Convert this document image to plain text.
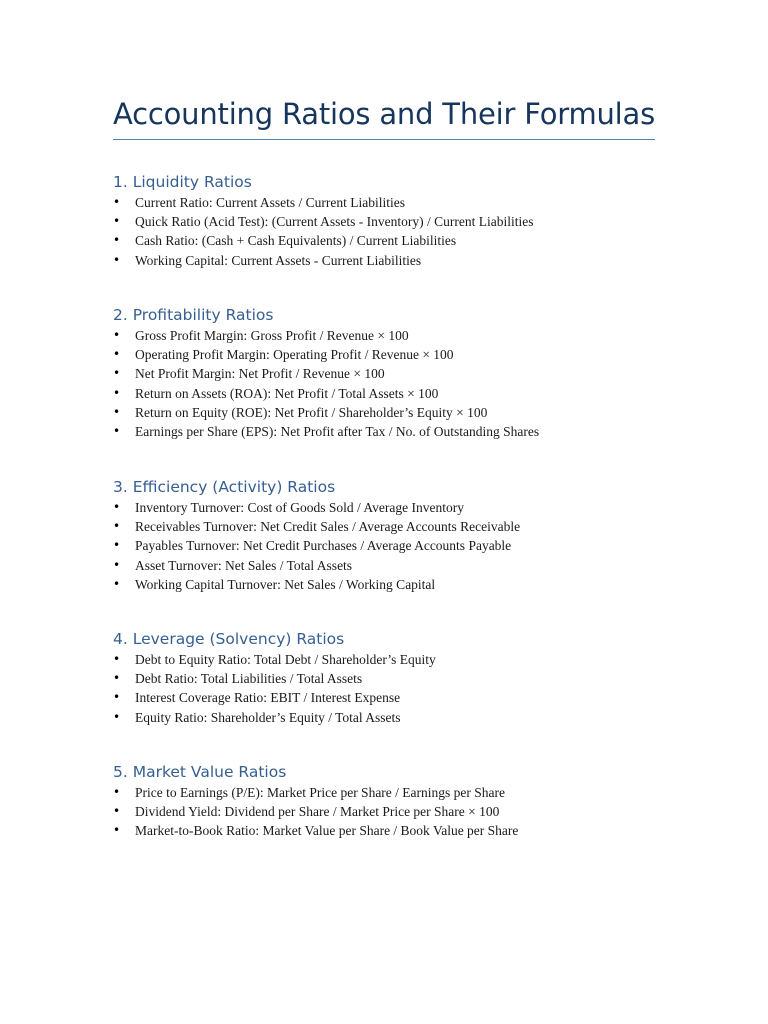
Accounting Ratios and Their Formulas
1. Liquidity Ratios
•	Current Ratio: Current Assets / Current Liabilities
•	Quick Ratio (Acid Test): (Current Assets - Inventory) / Current Liabilities
•	Cash Ratio: (Cash + Cash Equivalents) / Current Liabilities
•	Working Capital: Current Assets - Current Liabilities
2. Profitability Ratios
•	Gross Profit Margin: Gross Profit / Revenue × 100
•	Operating Profit Margin: Operating Profit / Revenue × 100
•	Net Profit Margin: Net Profit / Revenue × 100
•	Return on Assets (ROA): Net Profit / Total Assets × 100
•	Return on Equity (ROE): Net Profit / Shareholder’s Equity × 100
•	Earnings per Share (EPS): Net Profit after Tax / No. of Outstanding Shares
3. Efficiency (Activity) Ratios
•	Inventory Turnover: Cost of Goods Sold / Average Inventory
•	Receivables Turnover: Net Credit Sales / Average Accounts Receivable
•	Payables Turnover: Net Credit Purchases / Average Accounts Payable
•	Asset Turnover: Net Sales / Total Assets
•	Working Capital Turnover: Net Sales / Working Capital
4. Leverage (Solvency) Ratios
•	Debt to Equity Ratio: Total Debt / Shareholder’s Equity
•	Debt Ratio: Total Liabilities / Total Assets
•	Interest Coverage Ratio: EBIT / Interest Expense
•	Equity Ratio: Shareholder’s Equity / Total Assets
5. Market Value Ratios
•	Price to Earnings (P/E): Market Price per Share / Earnings per Share
•	Dividend Yield: Dividend per Share / Market Price per Share × 100
•	Market-to-Book Ratio: Market Value per Share / Book Value per Share
